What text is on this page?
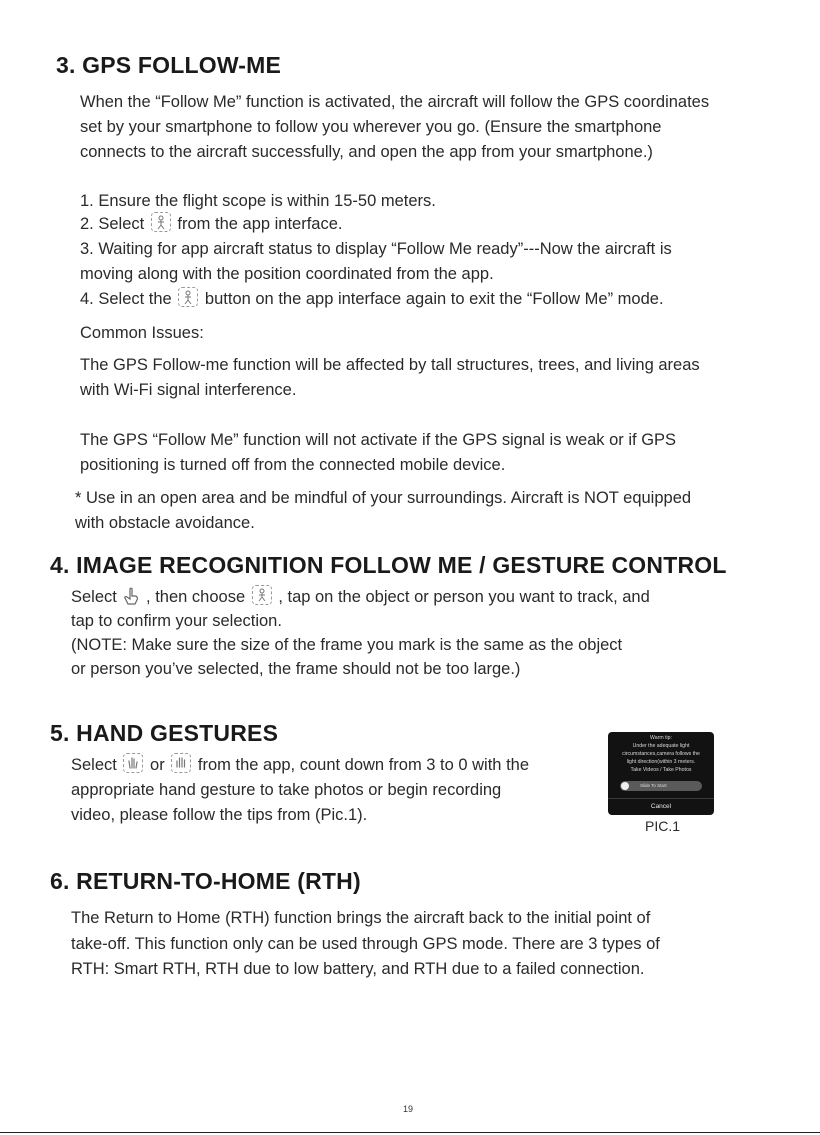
3. GPS FOLLOW-ME
When the “Follow Me” function is activated, the aircraft will follow the GPS coordinates
set by your smartphone to follow you wherever you go. (Ensure the smartphone
connects to the aircraft successfully, and open the app from your smartphone.)
1. Ensure the flight scope is within 15-50 meters.
2. Select from the app interface.
3. Waiting for app aircraft status to display “Follow Me ready”---Now the aircraft is
moving along with the position coordinated from the app.
4. Select the button on the app interface again to exit the “Follow Me” mode.
Common Issues:
The GPS Follow-me function will be affected by tall structures, trees, and living areas
with Wi-Fi signal interference.
The GPS “Follow Me” function will not activate if the GPS signal is weak or if GPS
positioning is turned off from the connected mobile device.
* Use in an open area and be mindful of your surroundings. Aircraft is NOT equipped
with obstacle avoidance.
4. IMAGE RECOGNITION FOLLOW ME / GESTURE CONTROL
Select , then choose , tap on the object or person you want to track, and
tap to confirm your selection.
(NOTE: Make sure the size of the frame you mark is the same as the object
or person you’ve selected, the frame should not be too large.)
5. HAND GESTURES
Select or from the app, count down from 3 to 0 with the
appropriate hand gesture to take photos or begin recording
video, please follow the tips from (Pic.1).
Warm tip:
Under the adequate light
circumstances,camera follows the
light direction(within 3 meters.
Take Videos / Take Photos
Slide To Start
Cancel
PIC.1
6. RETURN-TO-HOME (RTH)
The Return to Home (RTH) function brings the aircraft back to the initial point of
take-off. This function only can be used through GPS mode. There are 3 types of
RTH: Smart RTH, RTH due to low battery, and RTH due to a failed connection.
19
